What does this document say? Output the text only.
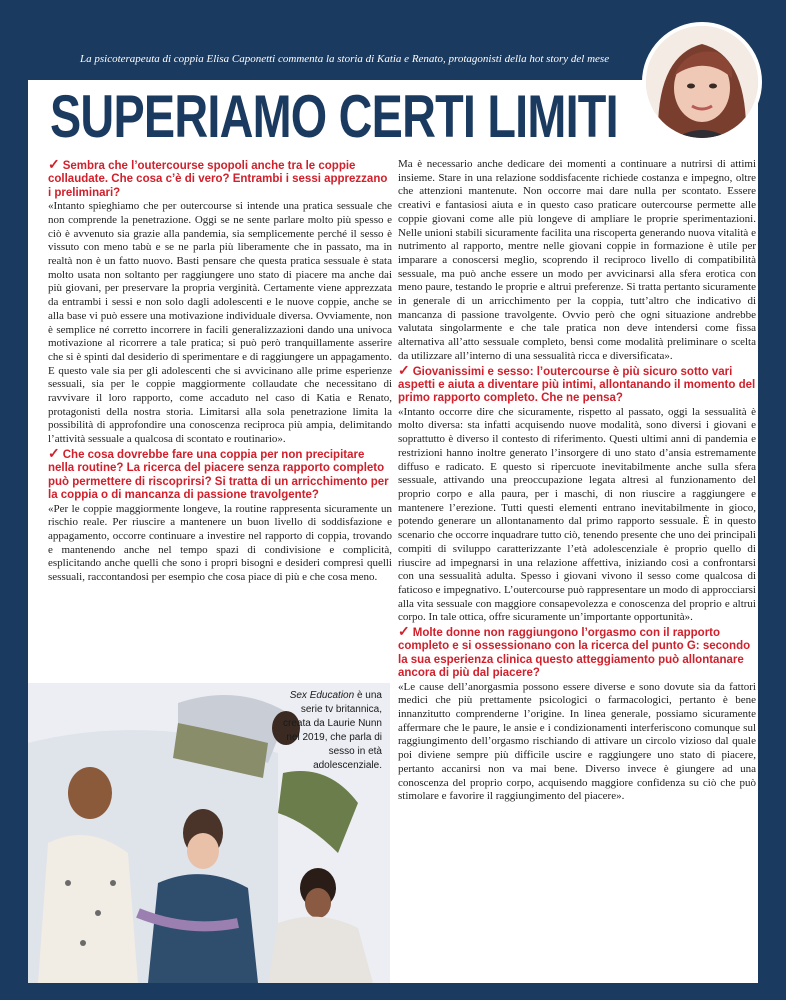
La psicoterapeuta di coppia Elisa Caponetti commenta la storia di Katia e Renato, protagonisti della hot story del mese
SUPERIAMO CERTI LIMITI

✓ Sembra che l’outercourse spopoli anche tra le coppie collaudate. Che cosa c’è di vero? Entrambi i sessi apprezzano i preliminari?

«Intanto spieghiamo che per outercourse si intende una pratica sessuale che non comprende la penetrazione. Oggi se ne sente parlare molto più spesso e ciò è avvenuto sia grazie alla pandemia, sia semplicemente perché il sesso è vissuto con meno tabù e se ne parla più liberamente che in passato, ma in realtà non è un fatto nuovo. Basti pensare che questa pratica sessuale è stata molto usata non soltanto per raggiungere uno stato di piacere ma anche dai più giovani, per preservare la propria verginità. Certamente viene apprezzata da entrambi i sessi e non solo dagli adolescenti e le nuove coppie, anche se alla base vi può essere una motivazione individuale diversa. Ovviamente, non è semplice né corretto incorrere in facili generalizzazioni dando una univoca motivazione al ricorrere a tale pratica; si può però tranquillamente asserire che si è spinti dal desiderio di sperimentare e di raggiungere un appagamento. E questo vale sia per gli adolescenti che si avvicinano alle prime esperienze sessuali, sia per le coppie maggiormente collaudate che necessitano di ravvivare il loro rapporto, come accaduto nel caso di Katia e Renato, protagonisti della nostra storia. Limitarsi alla sola penetrazione limita la possibilità di approfondire una conoscenza reciproca più ampia, delimitando l’attività sessuale a qualcosa di scontato e routinario».

✓ Che cosa dovrebbe fare una coppia per non precipitare nella routine? La ricerca del piacere senza rapporto completo può permettere di riscoprirsi? Si tratta di un arricchimento per la coppia o di mancanza di passione travolgente?

«Per le coppie maggiormente longeve, la routine rappresenta sicuramente un rischio reale. Per riuscire a mantenere un buon livello di soddisfazione e appagamento, occorre continuare a investire nel rapporto di coppia, trovando e mantenendo anche nel tempo spazi di condivisione e complicità, esplicitando anche quelli che sono i propri bisogni e desideri compresi quelli sessuali, raccontandosi per esempio che cosa piace di più e che cosa meno.

Ma è necessario anche dedicare dei momenti a continuare a nutrirsi di attimi insieme. Stare in una relazione soddisfacente richiede costanza e impegno, oltre che attenzioni mantenute. Non occorre mai dare nulla per scontato. Essere creativi e fantasiosi aiuta e in questo caso praticare outercourse permette alle coppie giovani come alle più longeve di ampliare le proprie sperimentazioni. Nelle unioni stabili sicuramente facilita una riscoperta generando nuova vitalità e nutrimento al rapporto, mentre nelle giovani coppie in formazione è utile per imparare a conoscersi meglio, scoprendo il reciproco livello di compatibilità sessuale, ma può anche essere un modo per avvicinarsi alla sfera erotica con meno paure, testando le proprie e altrui preferenze. Si tratta pertanto sicuramente in generale di un arricchimento per la coppia, tutt’altro che indicativo di mancanza di passione travolgente. Ovvio però che ogni situazione andrebbe valutata singolarmente e che tale pratica non deve intendersi come fissa alternativa all’atto sessuale completo, bensì come modalità preliminare o scelta da utilizzare all’interno di una sessualità ricca e diversificata».

✓ Giovanissimi e sesso: l’outercourse è più sicuro sotto vari aspetti e aiuta a diventare più intimi, allontanando il momento del primo rapporto completo. Che ne pensa?

«Intanto occorre dire che sicuramente, rispetto al passato, oggi la sessualità è molto diversa: sta infatti acquisendo nuove modalità, sono diversi i giovani e soprattutto è diverso il contesto di riferimento. Questi ultimi anni di pandemia e restrizioni hanno inoltre generato l’insorgere di uno stato d’ansia estremamente diffuso e radicato. E questo si ripercuote inevitabilmente anche sulla sfera sessuale, attivando una preoccupazione legata altresì al funzionamento del proprio corpo e alla paura, per i maschi, di non riuscire a raggiungere e mantenere l’erezione. Tutti questi elementi entrano inevitabilmente in gioco, potendo generare un allontanamento dal primo rapporto sessuale. È in questo scenario che occorre inquadrare tutto ciò, tenendo presente che uno dei principali compiti di sviluppo caratterizzante l’età adolescenziale è proprio quello di riuscire ad impegnarsi in una relazione affettiva, iniziando così a confrontarsi con una sessualità adulta. Spesso i giovani vivono il sesso come qualcosa di faticoso e impegnativo. L’outercourse può rappresentare un modo di approcciarsi alla vita sessuale con maggiore consapevolezza e conoscenza del proprio e altrui corpo. In tale ottica, offre sicuramente un’importante opportunità».

✓ Molte donne non raggiungono l’orgasmo con il rapporto completo e si ossessionano con la ricerca del punto G: secondo la sua esperienza clinica questo atteggiamento può allontanare ancora di più dal piacere?

«Le cause dell’anorgasmia possono essere diverse e sono dovute sia da fattori medici che più prettamente psicologici o farmacologici, pertanto è bene innanzitutto comprenderne l’origine. In linea generale, possiamo sicuramente affermare che le paure, le ansie e i condizionamenti interferiscono comunque sul raggiungimento dell’orgasmo rischiando di attivare un circolo vizioso dal quale poi diviene sempre più difficile uscire e raggiungere uno stato di piacere, pertanto accanirsi non va mai bene. Diverso invece è giungere ad una conoscenza del proprio corpo, acquisendo maggiore confidenza su ciò che può stimolare e favorire il raggiungimento del piacere».

Sex Education è una serie tv britannica, creata da Laurie Nunn nel 2019, che parla di sesso in età adolescenziale.
